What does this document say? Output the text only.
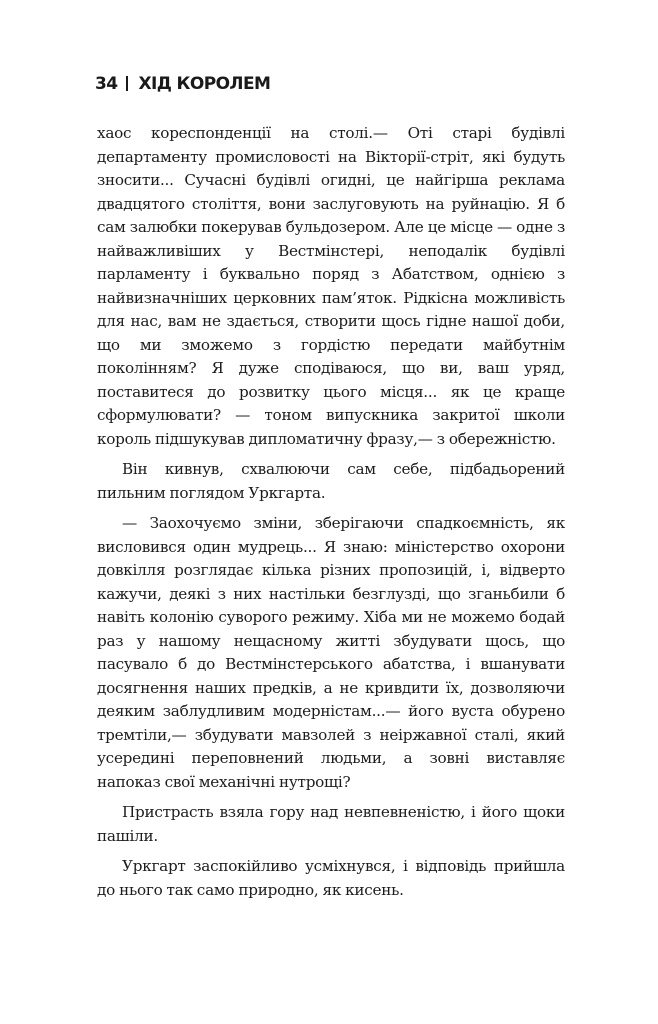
34 ХІД КОРОЛЕМ

хаос кореспонденції на столі.— Оті старі будівлі департаменту промисловості на Вікторії-стріт, які будуть зносити... Сучасні будівлі огидні, це найгірша реклама двадцятого століття, вони заслуговують на руйнацію. Я б сам залюбки покерував бульдозером. Але це місце — одне з найважливіших у Вестмінстері, неподалік будівлі парламенту і буквально поряд з Абатством, однією з найвизначніших церковних пам’яток. Рідкісна можливість для нас, вам не здається, створити щось гідне нашої доби, що ми зможемо з гордістю передати майбутнім поколінням? Я дуже сподіваюся, що ви, ваш уряд, поставитеся до розвитку цього місця... як це краще сформулювати? — тоном випускника закритої школи король підшукував дипломатичну фразу,— з обережністю.

Він кивнув, схвалюючи сам себе, підбадьорений пильним поглядом Уркгарта.

— Заохочуємо зміни, зберігаючи спадкоємність, як висловився один мудрець... Я знаю: міністерство охорони довкілля розглядає кілька різних пропозицій, і, відверто кажучи, деякі з них настільки безглузді, що зганьбили б навіть колонію суворого режиму. Хіба ми не можемо бодай раз у нашому нещасному житті збудувати щось, що пасувало б до Вестмінстерського абатства, і вшанувати досягнення наших предків, а не кривдити їх, дозволяючи деяким заблудливим модерністам...— його вуста обурено тремтіли,— збудувати мавзолей з неіржавної сталі, який усередині переповнений людьми, а зовні виставляє напоказ свої механічні нутрощі?

Пристрасть взяла гору над невпевненістю, і його щоки пашіли.

Уркгарт заспокійливо усміхнувся, і відповідь прийшла до нього так само природно, як кисень.
